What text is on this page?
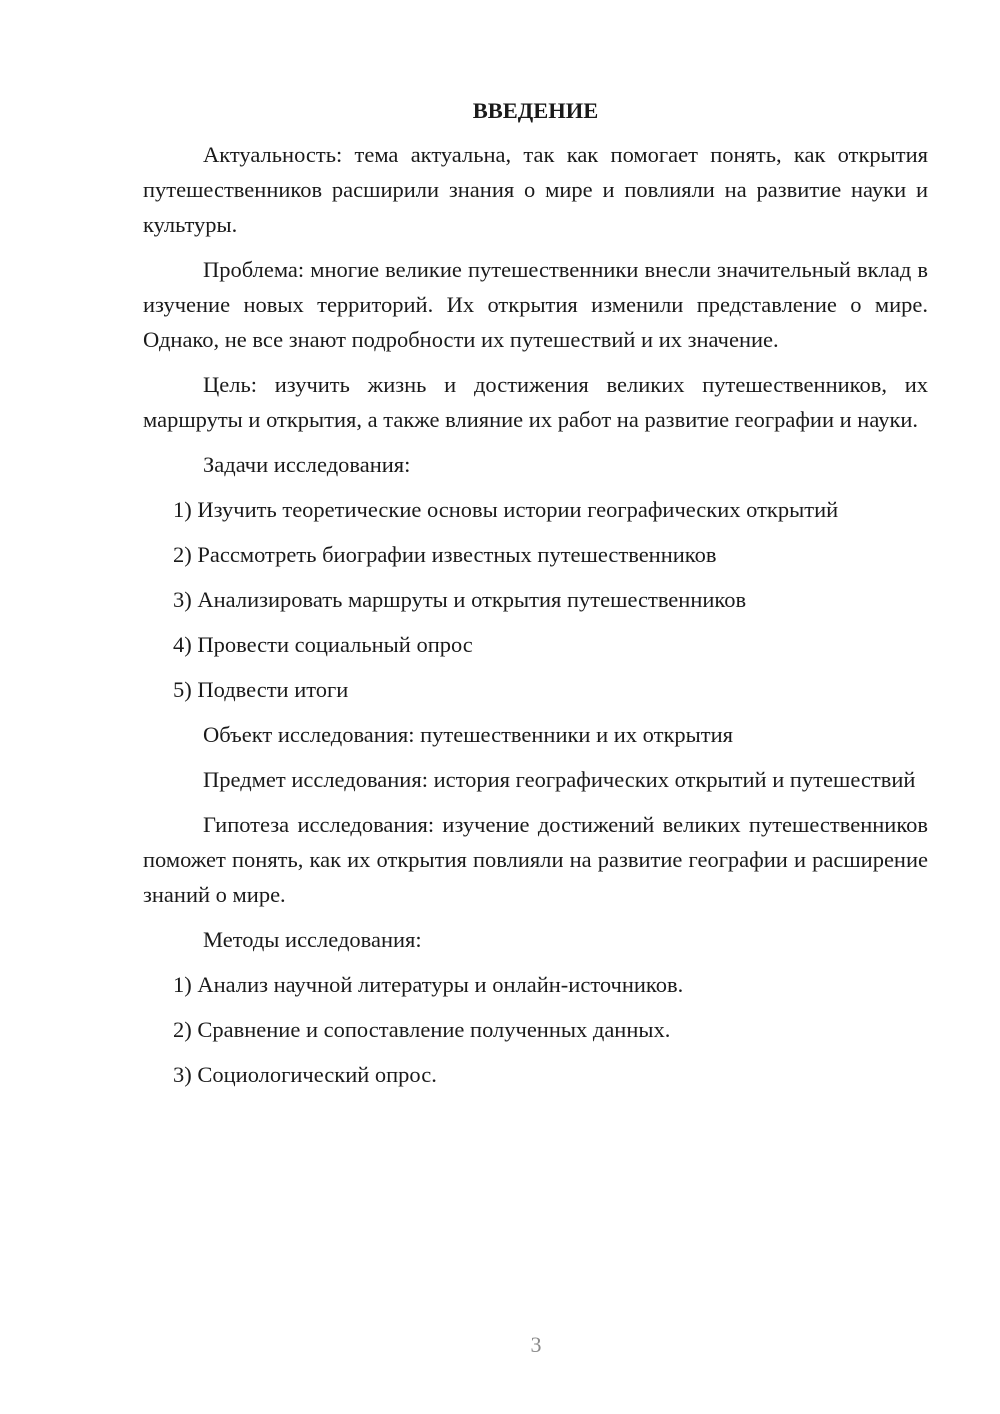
ВВЕДЕНИЕ

Актуальность: тема актуальна, так как помогает понять, как открытия путешественников расширили знания о мире и повлияли на развитие науки и культуры.

Проблема: многие великие путешественники внесли значительный вклад в изучение новых территорий. Их открытия изменили представление о мире. Однако, не все знают подробности их путешествий и их значение.

Цель: изучить жизнь и достижения великих путешественников, их маршруты и открытия, а также влияние их работ на развитие географии и науки.

Задачи исследования:
1) Изучить теоретические основы истории географических открытий
2) Рассмотреть биографии известных путешественников
3) Анализировать маршруты и открытия путешественников
4) Провести социальный опрос
5) Подвести итоги
Объект исследования: путешественники и их открытия

Предмет исследования: история географических открытий и путешествий

Гипотеза исследования: изучение достижений великих путешественников поможет понять, как их открытия повлияли на развитие географии и расширение знаний о мире.

Методы исследования:
1) Анализ научной литературы и онлайн-источников.
2) Сравнение и сопоставление полученных данных.
3) Социологический опрос.
3
